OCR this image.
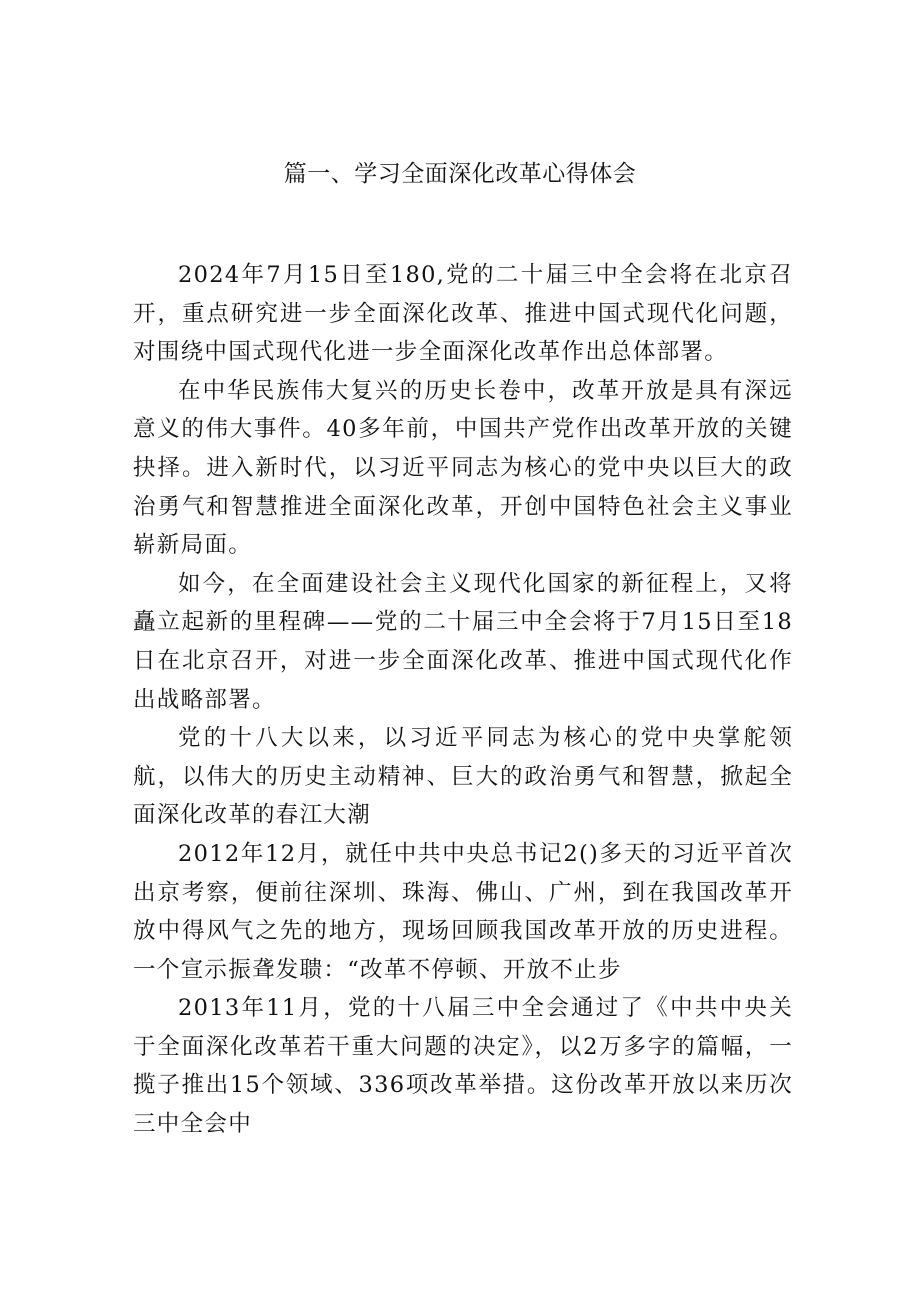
篇一、学习全面深化改革心得体会

2024年7月15日至180,党的二十届三中全会将在北京召开，重点研究进一步全面深化改革、推进中国式现代化问题，对围绕中国式现代化进一步全面深化改革作出总体部署。

在中华民族伟大复兴的历史长卷中，改革开放是具有深远意义的伟大事件。40多年前，中国共产党作出改革开放的关键抉择。进入新时代，以习近平同志为核心的党中央以巨大的政治勇气和智慧推进全面深化改革，开创中国特色社会主义事业崭新局面。

如今，在全面建设社会主义现代化国家的新征程上，又将矗立起新的里程碑——党的二十届三中全会将于7月15日至18日在北京召开，对进一步全面深化改革、推进中国式现代化作出战略部署。

党的十八大以来，以习近平同志为核心的党中央掌舵领航，以伟大的历史主动精神、巨大的政治勇气和智慧，掀起全面深化改革的春江大潮

2012年12月，就任中共中央总书记2()多天的习近平首次出京考察，便前往深圳、珠海、佛山、广州，到在我国改革开放中得风气之先的地方，现场回顾我国改革开放的历史进程。一个宣示振聋发聩：“改革不停顿、开放不止步

2013年11月，党的十八届三中全会通过了《中共中央关于全面深化改革若干重大问题的决定》，以2万多字的篇幅，一揽子推出15个领域、336项改革举措。这份改革开放以来历次三中全会中
